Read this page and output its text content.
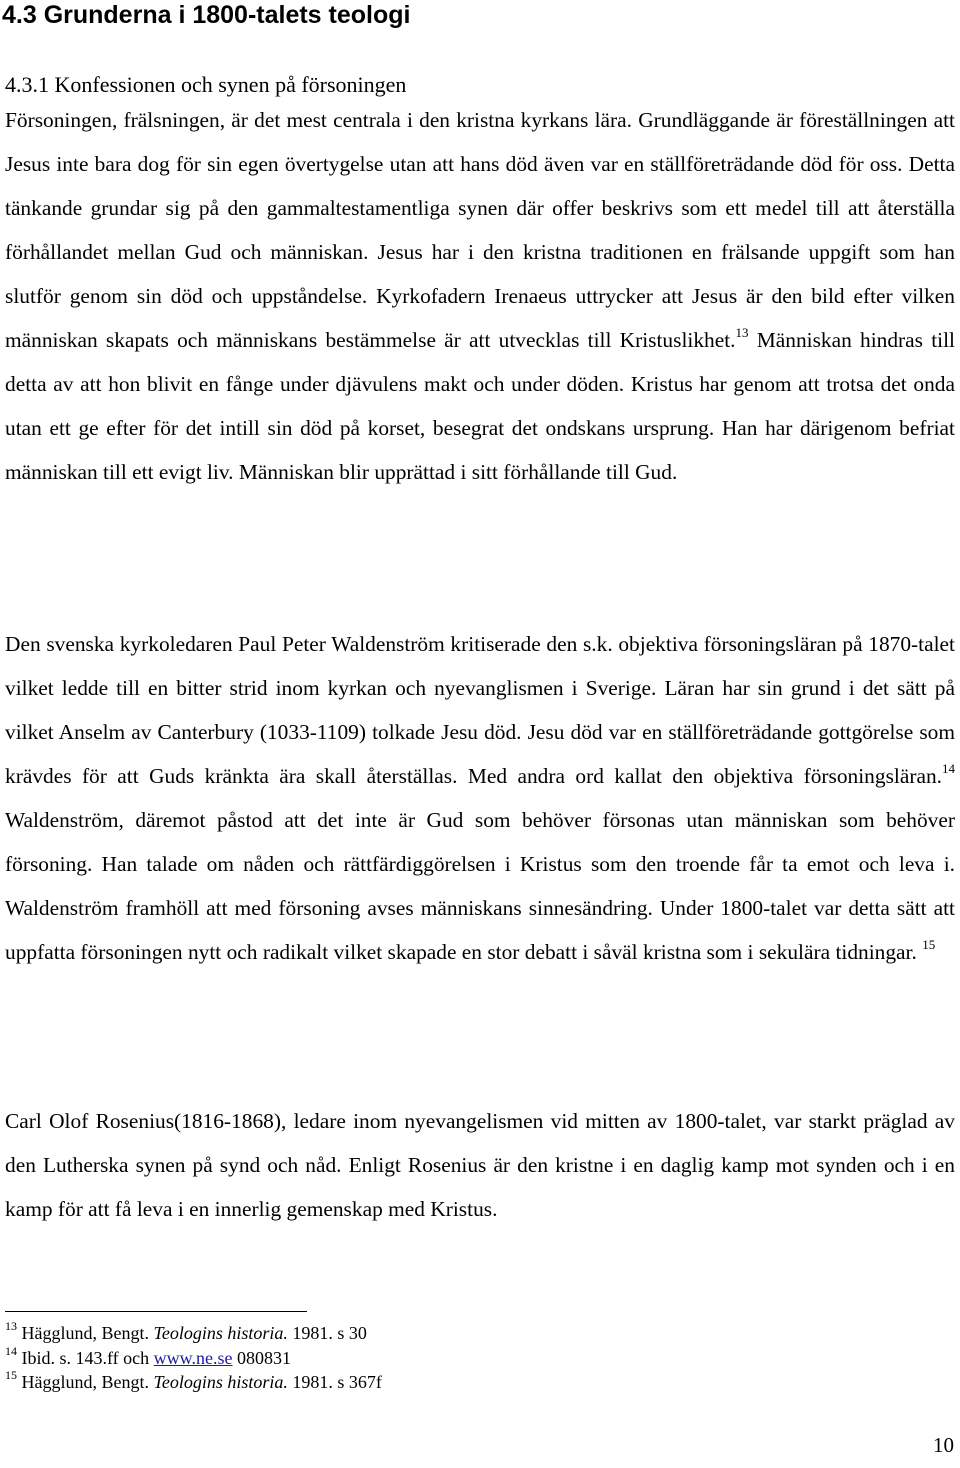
4.3 Grunderna i 1800-talets teologi
4.3.1 Konfessionen och synen på försoningen

Försoningen, frälsningen, är det mest centrala i den kristna kyrkans lära. Grundläggande är föreställningen att Jesus inte bara dog för sin egen övertygelse utan att hans död även var en ställföreträdande död för oss. Detta tänkande grundar sig på den gammaltestamentliga synen där offer beskrivs som ett medel till att återställa förhållandet mellan Gud och människan. Jesus har i den kristna traditionen en frälsande uppgift som han slutför genom sin död och uppståndelse. Kyrkofadern Irenaeus uttrycker att Jesus är den bild efter vilken människan skapats och människans bestämmelse är att utvecklas till Kristuslikhet.$^{13}$ Människan hindras till detta av att hon blivit en fånge under djävulens makt och under döden. Kristus har genom att trotsa det onda utan ett ge efter för det intill sin död på korset, besegrat det ondskans ursprung. Han har därigenom befriat människan till ett evigt liv. Människan blir upprättad i sitt förhållande till Gud.

Den svenska kyrkoledaren Paul Peter Waldenström kritiserade den s.k. objektiva försoningsläran på 1870-talet vilket ledde till en bitter strid inom kyrkan och nyevanglismen i Sverige. Läran har sin grund i det sätt på vilket Anselm av Canterbury (1033-1109) tolkade Jesu död. Jesu död var en ställföreträdande gottgörelse som krävdes för att Guds kränkta ära skall återställas. Med andra ord kallat den objektiva försoningsläran.$^{14}$ Waldenström, däremot påstod att det inte är Gud som behöver försonas utan människan som behöver försoning. Han talade om nåden och rättfärdiggörelsen i Kristus som den troende får ta emot och leva i. Waldenström framhöll att med försoning avses människans sinnesändring. Under 1800-talet var detta sätt att uppfatta försoningen nytt och radikalt vilket skapade en stor debatt i såväl kristna som i sekulära tidningar. $^{15}$

Carl Olof Rosenius(1816-1868), ledare inom nyevangelismen vid mitten av 1800-talet, var starkt präglad av den Lutherska synen på synd och nåd. Enligt Rosenius är den kristne i en daglig kamp mot synden och i en kamp för att få leva i en innerlig gemenskap med Kristus.

$^{13}$ Hägglund, Bengt. Teologins historia. 1981. s 30
$^{14}$ Ibid. s. 143.ff och www.ne.se 080831
$^{15}$ Hägglund, Bengt. Teologins historia. 1981. s 367f
10
